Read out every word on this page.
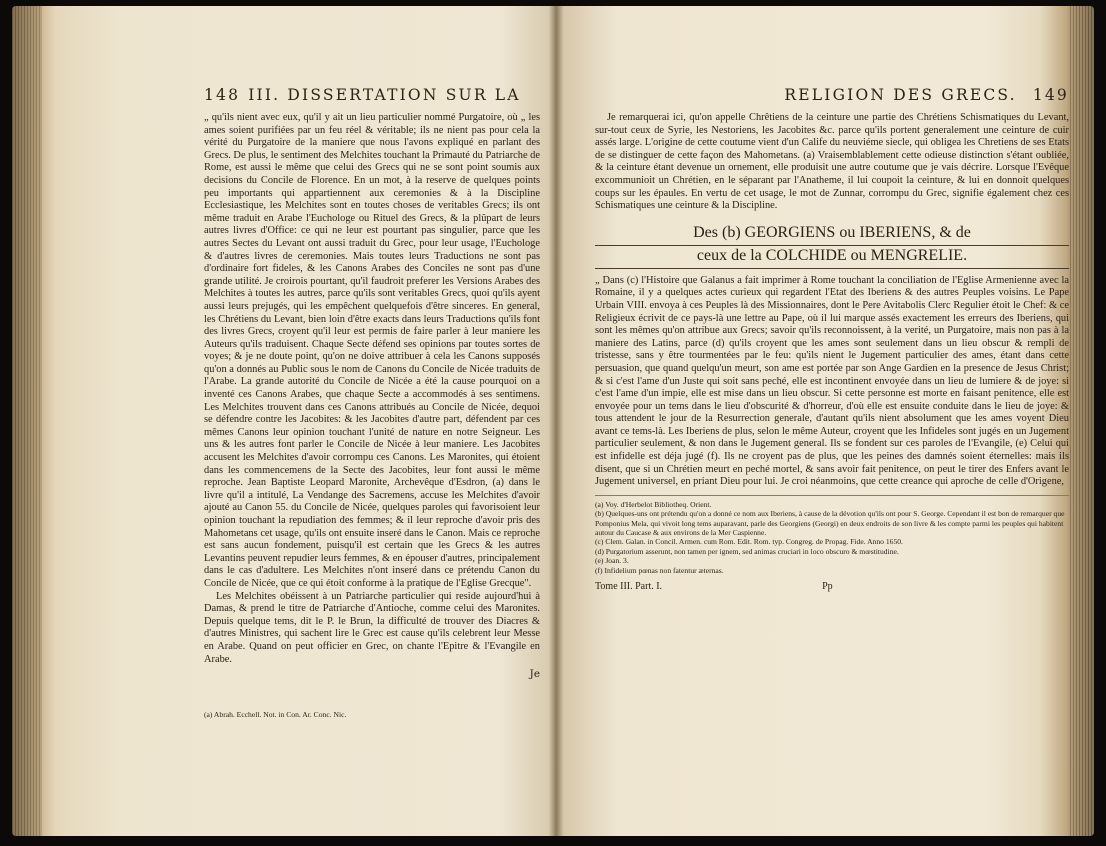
148 III. DISSERTATION SUR LA

„ qu'ils nient avec eux, qu'il y ait un lieu particulier nommé Purgatoire, où „ les ames soient purifiées par un feu réel & véritable; ils ne nient pas pour cela la vérité du Purgatoire de la maniere que nous l'avons expliqué en parlant des Grecs. De plus, le sentiment des Melchites touchant la Primauté du Patriarche de Rome, est aussi le même que celui des Grecs qui ne se sont point soumis aux decisions du Concile de Florence. En un mot, à la reserve de quelques points peu importants qui appartiennent aux ceremonies & à la Discipline Ecclesiastique, les Melchites sont en toutes choses de veritables Grecs; ils ont même traduit en Arabe l'Euchologe ou Rituel des Grecs, & la plûpart de leurs autres livres d'Office: ce qui ne leur est pourtant pas singulier, parce que les autres Sectes du Levant ont aussi traduit du Grec, pour leur usage, l'Euchologe & d'autres livres de ceremonies. Mais toutes leurs Traductions ne sont pas d'ordinaire fort fideles, & les Canons Arabes des Conciles ne sont pas d'une grande utilité. Je croirois pourtant, qu'il faudroit preferer les Versions Arabes des Melchites à toutes les autres, parce qu'ils sont veritables Grecs, quoi qu'ils ayent aussi leurs prejugés, qui les empêchent quelquefois d'être sinceres. En general, les Chrétiens du Levant, bien loin d'être exacts dans leurs Traductions qu'ils font des livres Grecs, croyent qu'il leur est permis de faire parler à leur maniere les Auteurs qu'ils traduisent. Chaque Secte défend ses opinions par toutes sortes de voyes; & je ne doute point, qu'on ne doive attribuer à cela les Canons supposés qu'on a donnés au Public sous le nom de Canons du Concile de Nicée traduits de l'Arabe. La grande autorité du Concile de Nicée a été la cause pourquoi on a inventé ces Canons Arabes, que chaque Secte a accommodés à ses sentimens. Les Melchites trouvent dans ces Canons attribués au Concile de Nicée, dequoi se défendre contre les Jacobites: & les Jacobites d'autre part, défendent par ces mêmes Canons leur opinion touchant l'unité de nature en notre Seigneur. Les uns & les autres font parler le Concile de Nicée à leur maniere. Les Jacobites accusent les Melchites d'avoir corrompu ces Canons. Les Maronites, qui étoient dans les commencemens de la Secte des Jacobites, leur font aussi le même reproche. Jean Baptiste Leopard Maronite, Archevêque d'Esdron, (a) dans le livre qu'il a intitulé, La Vendange des Sacremens, accuse les Melchites d'avoir ajouté au Canon 55. du Concile de Nicée, quelques paroles qui favorisoient leur opinion touchant la repudiation des femmes; & il leur reproche d'avoir pris des Mahometans cet usage, qu'ils ont ensuite inseré dans le Canon. Mais ce reproche est sans aucun fondement, puisqu'il est certain que les Grecs & les autres Levantins peuvent repudier leurs femmes, & en épouser d'autres, principalement dans le cas d'adultere. Les Melchites n'ont inseré dans ce prétendu Canon du Concile de Nicée, que ce qui étoit conforme à la pratique de l'Eglise Grecque".

Les Melchites obéissent à un Patriarche particulier qui reside aujourd'hui à Damas, & prend le titre de Patriarche d'Antioche, comme celui des Maronites. Depuis quelque tems, dit le P. le Brun, la difficulté de trouver des Diacres & d'autres Ministres, qui sachent lire le Grec est cause qu'ils celebrent leur Messe en Arabe. Quand on peut officier en Grec, on chante l'Epitre & l'Evangile en Arabe.

Je
(a) Abrah. Ecchell. Not. in Con. Ar. Conc. Nic.
RELIGION DES GRECS. 149

Je remarquerai ici, qu'on appelle Chrêtiens de la ceinture une partie des Chrétiens Schismatiques du Levant, sur-tout ceux de Syrie, les Nestoriens, les Jacobites &c. parce qu'ils portent generalement une ceinture de cuir assés large. L'origine de cette coutume vient d'un Calife du neuviéme siecle, qui obligea les Chretiens de ses Etats de se distinguer de cette façon des Mahometans. (a) Vraisemblablement cette odieuse distinction s'étant oubliée, & la ceinture étant devenue un ornement, elle produisit une autre coutume que je vais décrire. Lorsque l'Evêque excommunioit un Chrétien, en le séparant par l'Anatheme, il lui coupoit la ceinture, & lui en donnoit quelques coups sur les épaules. En vertu de cet usage, le mot de Zunnar, corrompu du Grec, signifie également chez ces Schismatiques une ceinture & la Discipline.

Des (b) GEORGIENS ou IBERIENS, & de
ceux de la COLCHIDE ou MENGRELIE.

„ Dans (c) l'Histoire que Galanus a fait imprimer à Rome touchant la conciliation de l'Eglise Armenienne avec la Romaine, il y a quelques actes curieux qui regardent l'Etat des Iberiens & des autres Peuples voisins. Le Pape Urbain VIII. envoya à ces Peuples là des Missionnaires, dont le Pere Avitabolis Clerc Regulier étoit le Chef: & ce Religieux écrivit de ce pays-là une lettre au Pape, où il lui marque assés exactement les erreurs des Iberiens, qui sont les mêmes qu'on attribue aux Grecs; savoir qu'ils reconnoissent, à la verité, un Purgatoire, mais non pas à la maniere des Latins, parce (d) qu'ils croyent que les ames sont seulement dans un lieu obscur & rempli de tristesse, sans y être tourmentées par le feu: qu'ils nient le Jugement particulier des ames, étant dans cette persuasion, que quand quelqu'un meurt, son ame est portée par son Ange Gardien en la presence de Jesus Christ; & si c'est l'ame d'un Juste qui soit sans peché, elle est incontinent envoyée dans un lieu de lumiere & de joye: si c'est l'ame d'un impie, elle est mise dans un lieu obscur. Si cette personne est morte en faisant penitence, elle est envoyée pour un tems dans le lieu d'obscurité & d'horreur, d'où elle est ensuite conduite dans le lieu de joye: & tous attendent le jour de la Resurrection generale, d'autant qu'ils nient absolument que les ames voyent Dieu avant ce tems-là. Les Iberiens de plus, selon le même Auteur, croyent que les Infideles sont jugés en un Jugement particulier seulement, & non dans le Jugement general. Ils se fondent sur ces paroles de l'Evangile, (e) Celui qui est infidelle est déja jugé (f). Ils ne croyent pas de plus, que les peines des damnés soient éternelles: mais ils disent, que si un Chrétien meurt en peché mortel, & sans avoir fait penitence, on peut le tirer des Enfers avant le Jugement universel, en priant Dieu pour lui. Je croi néanmoins, que cette creance qui aproche de celle d'Origene,

(a) Voy. d'Herbelot Bibliotheq. Orient.
(b) Quelques-uns ont prétendu qu'on a donné ce nom aux Iberiens, à cause de la dévotion qu'ils ont pour S. George. Cependant il est bon de remarquer que Pomponius Mela, qui vivoit long tems auparavant, parle des Georgiens (Georgi) en deux endroits de son livre & les compte parmi les peuples qui habitent autour du Caucase & aux environs de la Mer Caspienne.
(c) Clem. Galan. in Concil. Armen. cum Rom. Edit. Rom. typ. Congreg. de Propag. Fide. Anno 1650.
(d) Purgatorium asserunt, non tamen per ignem, sed animas cruciari in loco obscuro & mœstitudine.
(e) Joan. 3.
(f) Infidelium pœnas non fatentur æternas.
Tome III. Part. I.	Pp
